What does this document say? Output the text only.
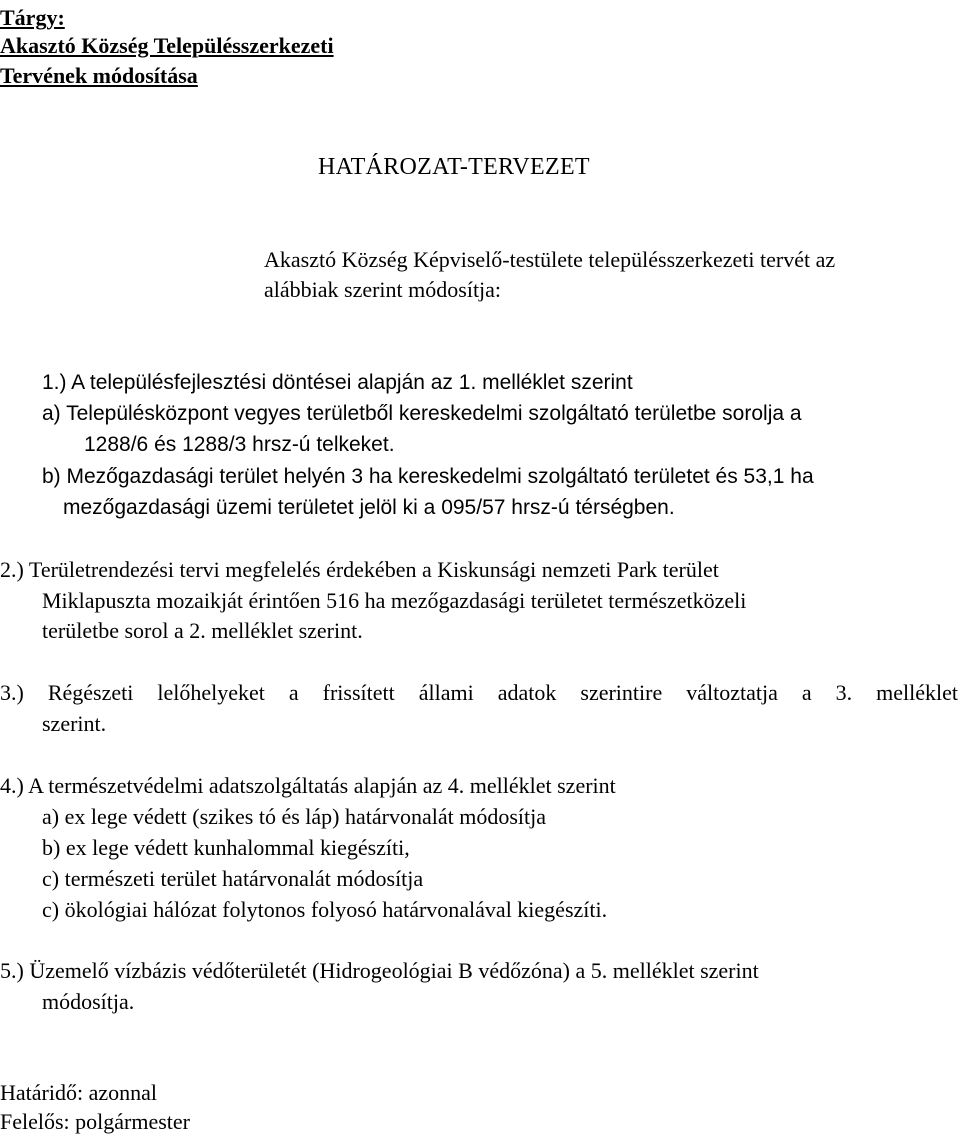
Tárgy:
Akasztó Község Településszerkezeti
Tervének módosítása
HATÁROZAT-TERVEZET
Akasztó Község Képviselő-testülete településszerkezeti tervét az
alábbiak szerint módosítja:
1.) A településfejlesztési döntései alapján az 1. melléklet szerint
a) Településközpont vegyes területből kereskedelmi szolgáltató területbe sorolja a
1288/6 és 1288/3 hrsz-ú telkeket.
b) Mezőgazdasági terület helyén 3 ha kereskedelmi szolgáltató területet és 53,1 ha
mezőgazdasági üzemi területet jelöl ki a 095/57 hrsz-ú térségben.
2.) Területrendezési tervi megfelelés érdekében a Kiskunsági nemzeti Park terület
Miklapuszta mozaikját érintően 516 ha mezőgazdasági területet természetközeli
területbe sorol a 2. melléklet szerint.
3.) Régészeti lelőhelyeket a frissített állami adatok szerintire változtatja a 3. melléklet
szerint.
4.) A természetvédelmi adatszolgáltatás alapján az 4. melléklet szerint
a) ex lege védett (szikes tó és láp) határvonalát módosítja
b) ex lege védett kunhalommal kiegészíti,
c) természeti terület határvonalát módosítja
c) ökológiai hálózat folytonos folyosó határvonalával kiegészíti.
5.) Üzemelő vízbázis védőterületét (Hidrogeológiai B védőzóna) a 5. melléklet szerint
módosítja.
Határidő: azonnal
Felelős: polgármester
